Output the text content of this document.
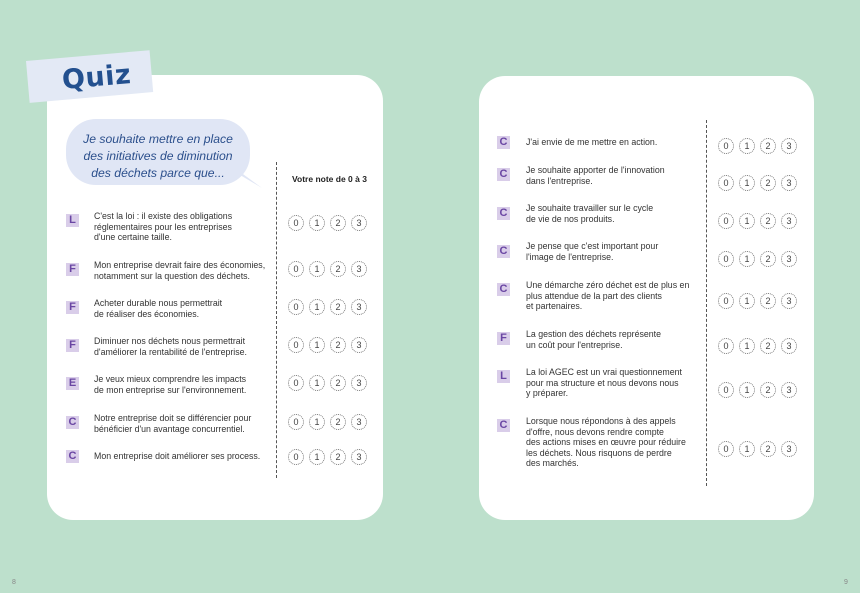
Quiz
Je souhaite mettre en place
des initiatives de diminution
des déchets parce que...	Votre note de 0 à 3
L	C'est la loi : il existe des obligations
réglementaires pour les entreprises
d'une certaine taille.
0	1	2	3
F	Mon entreprise devrait faire des économies,
notamment sur la question des déchets.
0	1	2	3
F	Acheter durable nous permettrait
de réaliser des économies.
0	1	2	3
F	Diminuer nos déchets nous permettrait
d'améliorer la rentabilité de l'entreprise.
0	1	2	3
E	Je veux mieux comprendre les impacts
de mon entreprise sur l'environnement.
0	1	2	3
C Notre entreprise doit se différencier pour
bénéficier d'un avantage concurrentiel.
0	1	2	3
C Mon entreprise doit améliorer ses process.	0	1	2	3
C J'ai envie de me mettre en action.	0	1	2	3
C Je souhaite apporter de l'innovation
dans l'entreprise.	0	1	2	3
C Je souhaite travailler sur le cycle
de vie de nos produits.	0	1	2	3
C Je pense que c'est important pour
l'image de l'entreprise.	0	1	2	3
C Une démarche zéro déchet est de plus en
plus attendue de la part des clients
et partenaires.	0	1	2	3
F	La gestion des déchets représente
un coût pour l'entreprise.	0	1	2	3
L	La loi AGEC est un vrai questionnement
pour ma structure et nous devons nous
y préparer.	0	1	2	3
C Lorsque nous répondons à des appels
d'offre, nous devons rendre compte
des actions mises en œuvre pour réduire
les déchets. Nous risquons de perdre
des marchés.
0	1	2	3
8	9
